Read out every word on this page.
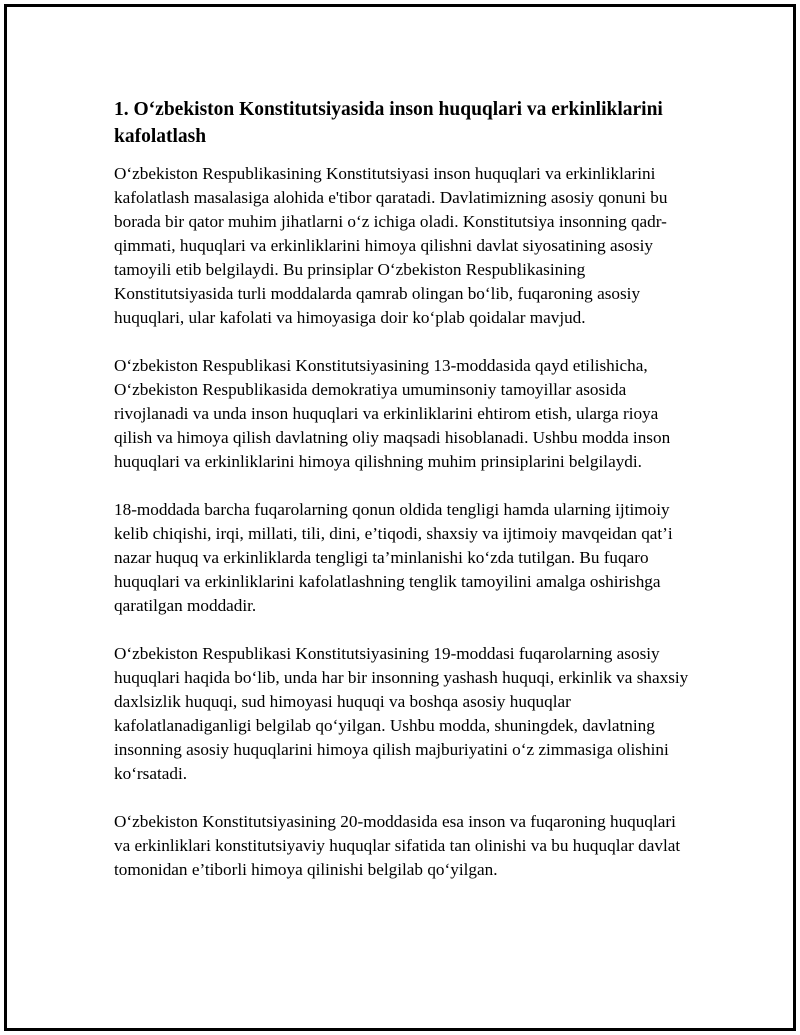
1. O‘zbekiston Konstitutsiyasida inson huquqlari va erkinliklarini kafolatlash

O‘zbekiston Respublikasining Konstitutsiyasi inson huquqlari va erkinliklarini kafolatlash masalasiga alohida e'tibor qaratadi. Davlatimizning asosiy qonuni bu borada bir qator muhim jihatlarni o‘z ichiga oladi. Konstitutsiya insonning qadr-qimmati, huquqlari va erkinliklarini himoya qilishni davlat siyosatining asosiy tamoyili etib belgilaydi. Bu prinsiplar O‘zbekiston Respublikasining Konstitutsiyasida turli moddalarda qamrab olingan bo‘lib, fuqaroning asosiy huquqlari, ular kafolati va himoyasiga doir ko‘plab qoidalar mavjud.

O‘zbekiston Respublikasi Konstitutsiyasining 13-moddasida qayd etilishicha, O‘zbekiston Respublikasida demokratiya umuminsoniy tamoyillar asosida rivojlanadi va unda inson huquqlari va erkinliklarini ehtirom etish, ularga rioya qilish va himoya qilish davlatning oliy maqsadi hisoblanadi. Ushbu modda inson huquqlari va erkinliklarini himoya qilishning muhim prinsiplarini belgilaydi.

18-moddada barcha fuqarolarning qonun oldida tengligi hamda ularning ijtimoiy kelib chiqishi, irqi, millati, tili, dini, e’tiqodi, shaxsiy va ijtimoiy mavqeidan qat’i nazar huquq va erkinliklarda tengligi ta’minlanishi ko‘zda tutilgan. Bu fuqaro huquqlari va erkinliklarini kafolatlashning tenglik tamoyilini amalga oshirishga qaratilgan moddadir.

O‘zbekiston Respublikasi Konstitutsiyasining 19-moddasi fuqarolarning asosiy huquqlari haqida bo‘lib, unda har bir insonning yashash huquqi, erkinlik va shaxsiy daxlsizlik huquqi, sud himoyasi huquqi va boshqa asosiy huquqlar kafolatlanadiganligi belgilab qo‘yilgan. Ushbu modda, shuningdek, davlatning insonning asosiy huquqlarini himoya qilish majburiyatini o‘z zimmasiga olishini ko‘rsatadi.

O‘zbekiston Konstitutsiyasining 20-moddasida esa inson va fuqaroning huquqlari va erkinliklari konstitutsiyaviy huquqlar sifatida tan olinishi va bu huquqlar davlat tomonidan e’tiborli himoya qilinishi belgilab qo‘yilgan.
